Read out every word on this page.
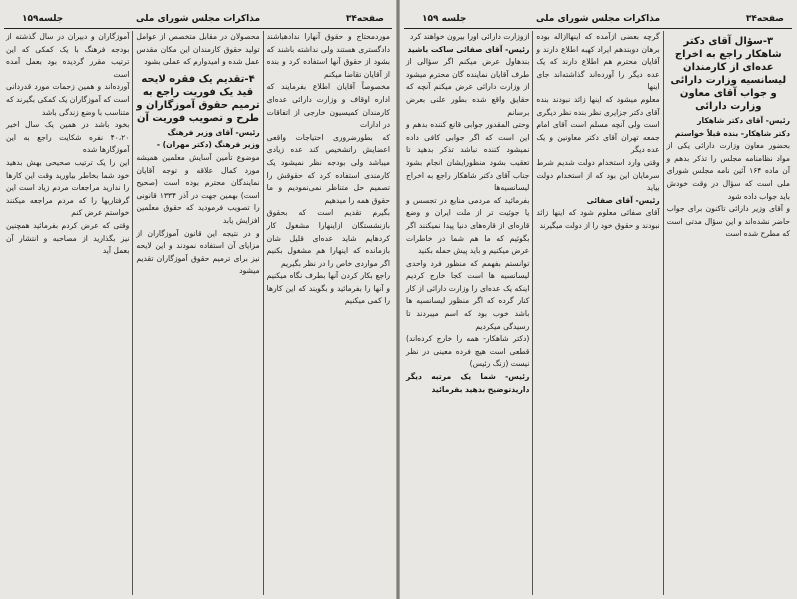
صفحه۳۴
مذاکرات مجلس شورای ملی
جلسه۱۵۹

موردمحتاج و حقوق آنهارا ندادهباشند دادگستری هستند ولی نداشته باشند که بشود از حقوق آنها استفاده کرد و بنده از آقایان تقاضا میکنم

مخصوصاً آقایان اطلاع بفرمایند که اداره اوقاف و وزارت دارائی عده‌ای کارمندان کمیسیون خارجی از اتفاقات در ادارات

که بطورضروری احتیاجات واقعی اعضایش راتشخیص کند عده زیادی میباشد ولی بودجه نظر نمیشود یک کارمندی استفاده کرد که حقوقش را تصمیم حل متناظر نمی‌نمودیم و ما حقوق همه را میدهیم

بگیرم تقدیم است که بحقوق بازنشستگان ازاینهارا مشغول کار کردهایم شاید عده‌ای قلیل شان بازمانده که اینهارا هم مشغول بکنیم اگر مواردی خاص را در نظر بگیریم

راجع بکار کردن آنها بطرف نگاه میکنیم و آنها را بفرمائید و بگویند که این کارها را کمی میکنیم

محصولان در مقابل متخصص از عوامل تولید حقوق کارمندان این مکان مقدس عمل شده و امیدوارم که عملی بشود

۴-تقدیم یک فقره لایحه قید یک فوریت راجع به ترمیم حقوق آموزگاران و طرح و تصویب فوریت آن

رئیس- آقای وزیر فرهنگ

وزیر فرهنگ (دکتر مهران) -

موضوع تأمین آسایش معلمین همیشه مورد کمال علاقه و توجه آقایان نمایندگان محترم بوده است (صحیح است) بهمین جهت در آذر ۱۳۳۴ قانونی را تصویب فرمودید که حقوق معلمین افزایش یابد

و در نتیجه این قانون آموزگاران از مزایای آن استفاده نمودند و این لایحه نیز برای ترمیم حقوق آموزگاران تقدیم میشود

آموزگاران و دبیران در سال گذشته از بودجه فرهنگ با یک کمکی که این ترتیب مقرر گردیده بود بعمل آمده است

آورده‌اند و همین زحمات مورد قدردانی است که آموزگاران یک کمکی بگیرند که متناسب با وضع زندگی باشد

بخود باشد در همین یک سال اخیر ۴۰،۲۰ نفره شکایت راجع به این آموزگارها شده

این را یک ترتیب صحیحی بهش بدهید خود شما بخاطر بیاورید وقت این کارها را ندارید مراجعات مردم زیاد است این گرفتاریها را که مردم مراجعه میکنند خواستم عرض کنم

وقتی که عرض کردم بفرمائید همچنین نیز بگذارید از مصاحبه و انتشار آن بعمل آید

صفحه۳۴
مذاکرات مجلس شورای ملی
جلسه ۱۵۹
۳-سؤال آقای دکتر شاهکار راجع به اخراج عده‌ای از کارمندان لیسانسیه وزارت دارائی و جواب آقای معاون وزارت دارائی

رئیس- آقای دکتر شاهکار

دکتر شاهکار- بنده قبلاً خواستم

بحضور معاون وزارت دارائی یکی از مواد نظامنامه مجلس را تذکر بدهم و آن ماده ۱۶۴ آئین نامه مجلس شورای ملی است که سؤال در وقت خودش باید جواب داده شود

و آقای وزیر دارائی تاکنون برای جواب حاضر نشده‌اند و این سؤال مدتی است که مطرح شده است

گرچه بعضی ازآمده که اینهاازاله بوده برهان دوبندهم ایراد کهبه اطلاع دارند و آقایان محترم هم اطلاع دارند که یک عده دیگر را آورده‌اند گذاشته‌اند جای اینها

معلوم میشود که اینها زائد نبودند بنده آقای دکتر جزایری نظر بنده نظر دیگری است ولی آنچه مسلم است آقای امام جمعه تهران آقای دکتر معاونین و یک عده دیگر

وقتی وارد استخدام دولت شدیم شرط سرمایان این بود که از استخدام دولت بیاید

رئیس- آقای صفائی

آقای صفائی معلوم شود که اینها زائد نبودند و حقوق خود را از دولت میگیرند

ازوزارت دارائی اورا بیرون خواهند کرد

رئیس- آقای صفائی ساکت باشید

بندهاول عرض میکنم اگر سؤالی از طرف آقایان نماینده گان محترم میشود از وزارت دارائی عرض میکنم آنچه که حقایق واقع شده بطور علنی بعرض برسانم

وحتی المقدور جوابی قانع کننده بدهم و این است که اگر جوابی کافی داده نمیشود کننده نباشد تذکر بدهید تا تعقیب بشود منظورایشان انجام بشود جناب آقای دکتر شاهکار راجع به اخراج لیسانسیه‌ها

بفرمائید که مردمی منابع در تجسس و یا جوئیت تر از ملت ایران و وضع قاره‌ای از قاره‌های دنیا پیدا نمیکنند اگر بگوئیم که ما هم شما در خاطرات عرض میکنیم و باید پیش حمله بکنید

توانستم بفهمم که منظور فرد واحدی لیسانسیه ها است کجا خارج کردیم اینکه یک عده‌ای را وزارت دارائی از کار کنار گرده که اگر منظور لیسانسیه ها باشد خوب بود که اسم میبردند تا رسیدگی میکردیم

(دکتر شاهکار- همه را خارج کرده‌اند) قطعی است هیچ فرده معینی در نظر نیست (زنگ رئیس)

رئیس- شما یک مرتبه دیگر داریدتوضیح بدهید بفرمائید
